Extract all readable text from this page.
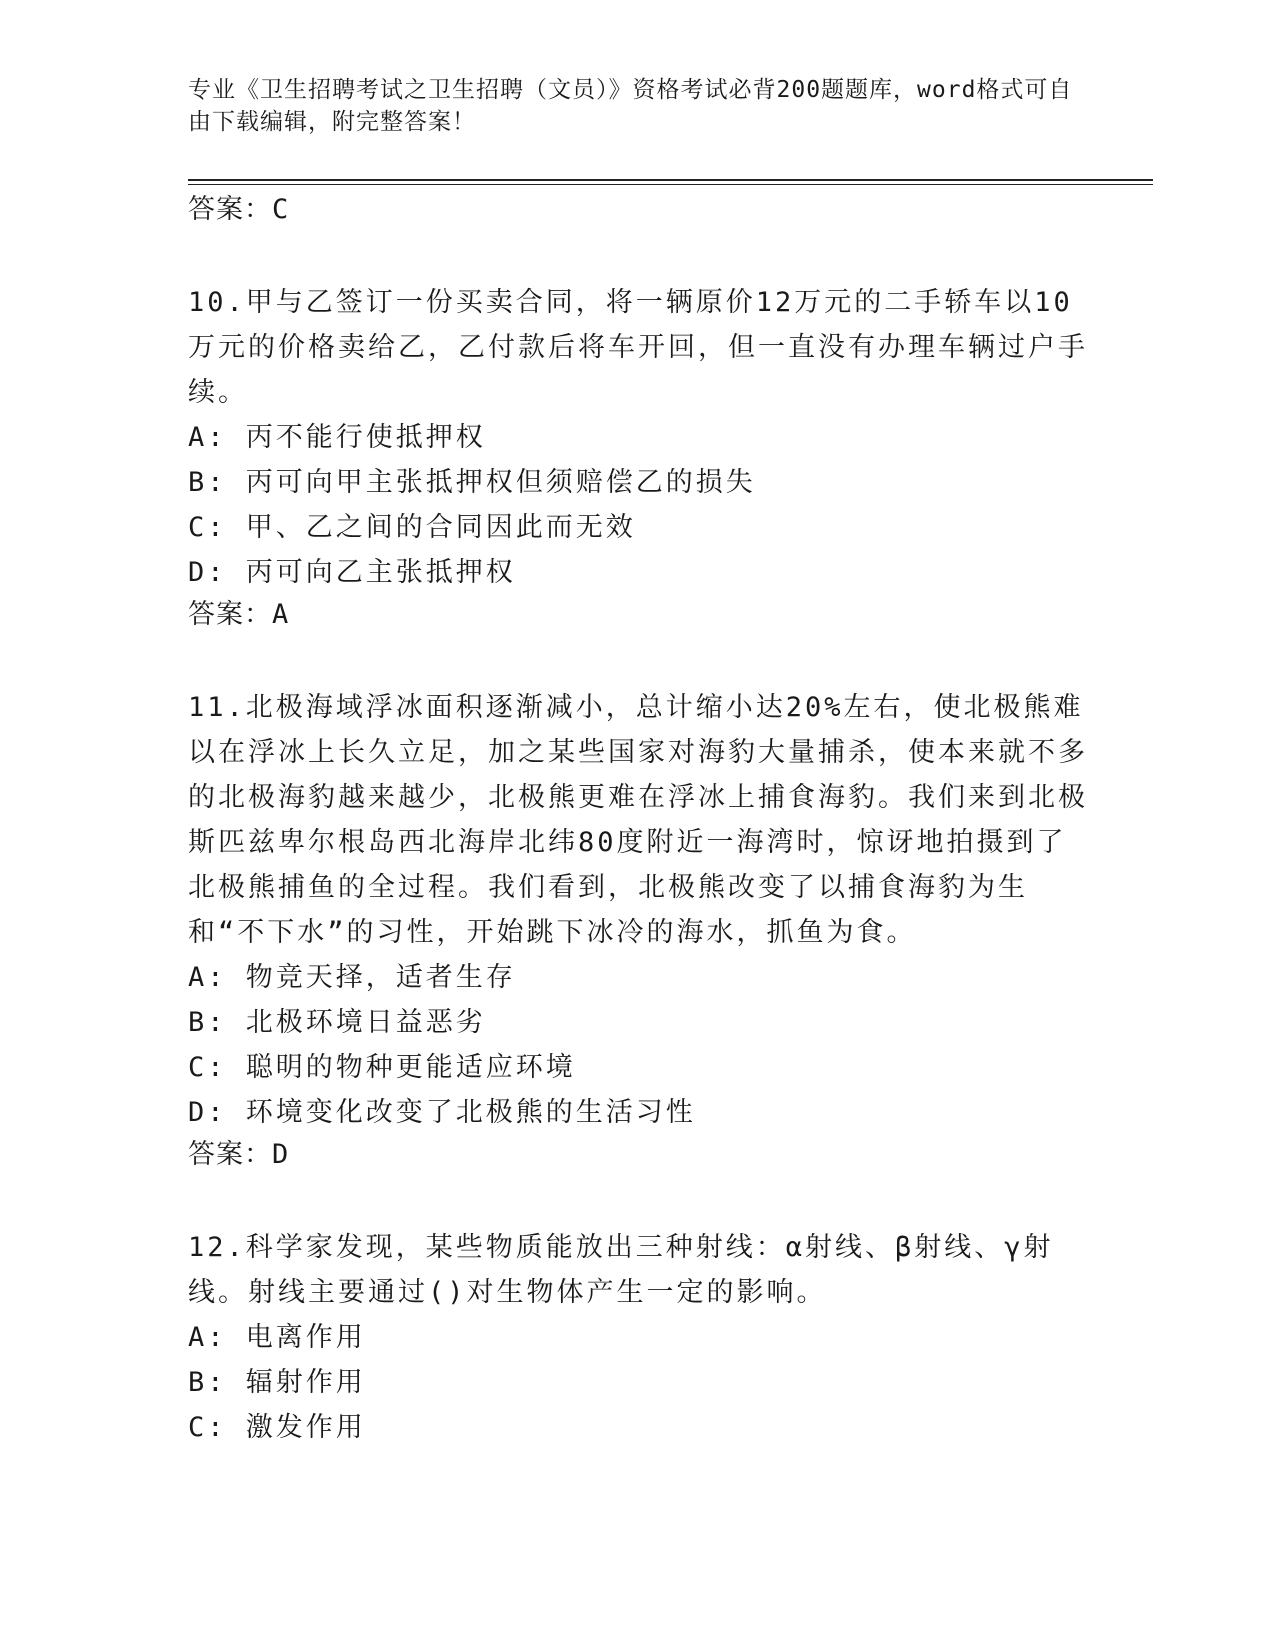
专业《卫生招聘考试之卫生招聘（文员）》资格考试必背200题题库，word格式可自由下载编辑，附完整答案！
答案：C
10.甲与乙签订一份买卖合同，将一辆原价12万元的二手轿车以10万元的价格卖给乙，乙付款后将车开回，但一直没有办理车辆过户手续。
A: 丙不能行使抵押权
B: 丙可向甲主张抵押权但须赔偿乙的损失
C: 甲、乙之间的合同因此而无效
D: 丙可向乙主张抵押权
答案：A
11.北极海域浮冰面积逐渐减小，总计缩小达20%左右，使北极熊难以在浮冰上长久立足，加之某些国家对海豹大量捕杀，使本来就不多的北极海豹越来越少，北极熊更难在浮冰上捕食海豹。我们来到北极斯匹兹卑尔根岛西北海岸北纬80度附近一海湾时，惊讶地拍摄到了北极熊捕鱼的全过程。我们看到，北极熊改变了以捕食海豹为生和“不下水”的习性，开始跳下冰冷的海水，抓鱼为食。
A: 物竞天择，适者生存
B: 北极环境日益恶劣
C: 聪明的物种更能适应环境
D: 环境变化改变了北极熊的生活习性
答案：D
12.科学家发现，某些物质能放出三种射线：α射线、β射线、γ射线。射线主要通过()对生物体产生一定的影响。
A: 电离作用
B: 辐射作用
C: 激发作用
